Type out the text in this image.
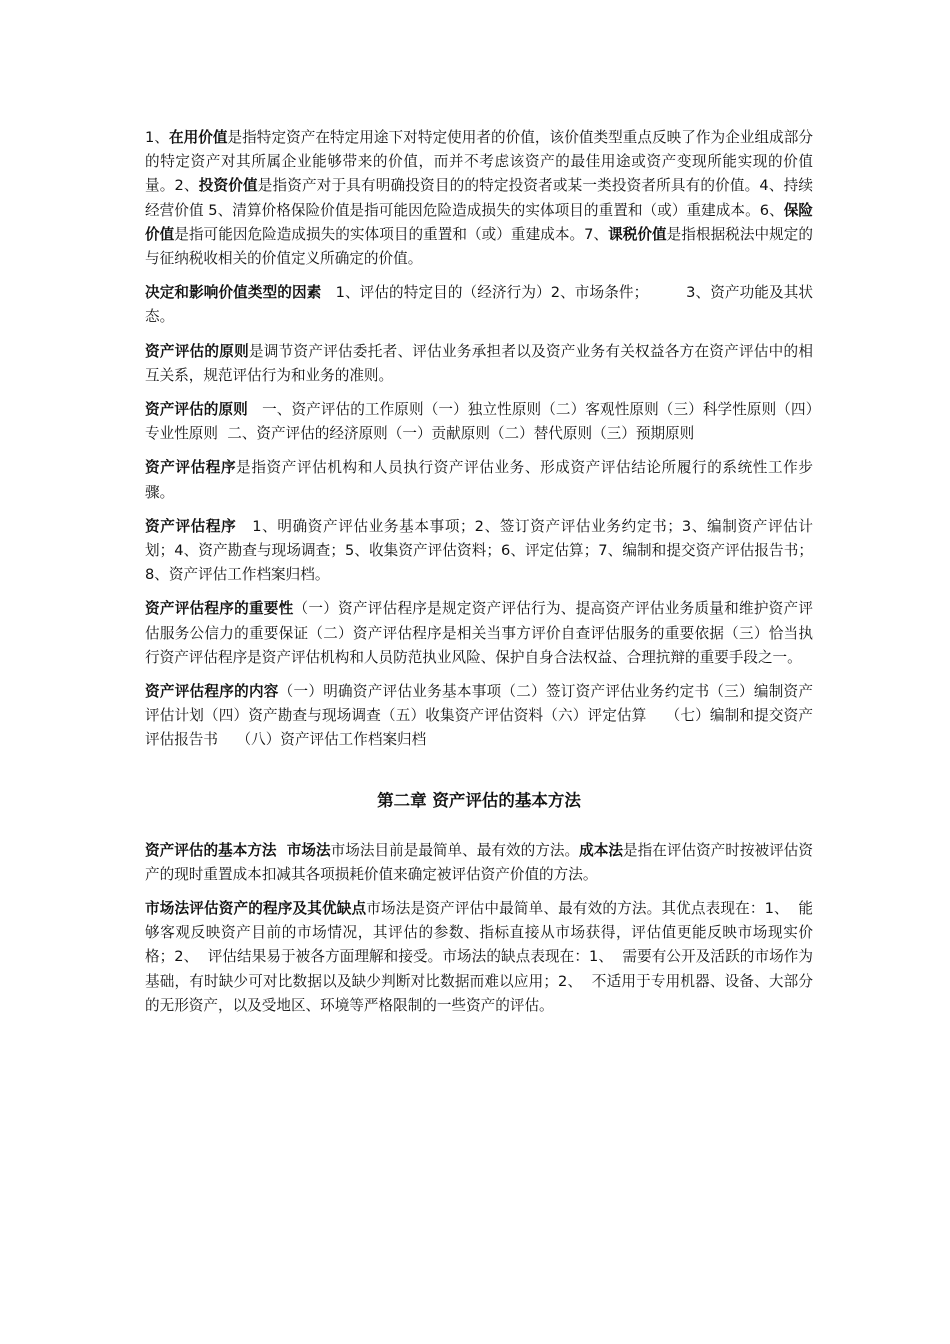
1、在用价值是指特定资产在特定用途下对特定使用者的价值，该价值类型重点反映了作为企业组成部分的特定资产对其所属企业能够带来的价值，而并不考虑该资产的最佳用途或资产变现所能实现的价值量。2、投资价值是指资产对于具有明确投资目的的特定投资者或某一类投资者所具有的价值。4、持续经营价值 5、清算价格保险价值是指可能因危险造成损失的实体项目的重置和（或）重建成本。6、保险价值是指可能因危险造成损失的实体项目的重置和（或）重建成本。7、课税价值是指根据税法中规定的与征纳税收相关的价值定义所确定的价值。

决定和影响价值类型的因素   1、评估的特定目的（经济行为）2、市场条件；        3、资产功能及其状态。

资产评估的原则是调节资产评估委托者、评估业务承担者以及资产业务有关权益各方在资产评估中的相互关系，规范评估行为和业务的准则。

资产评估的原则   一、资产评估的工作原则（一）独立性原则（二）客观性原则（三）科学性原则（四）专业性原则  二、资产评估的经济原则（一）贡献原则（二）替代原则（三）预期原则

资产评估程序是指资产评估机构和人员执行资产评估业务、形成资产评估结论所履行的系统性工作步骤。

资产评估程序   1、明确资产评估业务基本事项；2、签订资产评估业务约定书；3、编制资产评估计划；4、资产勘查与现场调查；5、收集资产评估资料；6、评定估算；7、编制和提交资产评估报告书；8、资产评估工作档案归档。

资产评估程序的重要性（一）资产评估程序是规定资产评估行为、提高资产评估业务质量和维护资产评估服务公信力的重要保证（二）资产评估程序是相关当事方评价自查评估服务的重要依据（三）恰当执行资产评估程序是资产评估机构和人员防范执业风险、保护自身合法权益、合理抗辩的重要手段之一。

资产评估程序的内容（一）明确资产评估业务基本事项（二）签订资产评估业务约定书（三）编制资产评估计划（四）资产勘查与现场调查（五）收集资产评估资料（六）评定估算    （七）编制和提交资产评估报告书    （八）资产评估工作档案归档

第二章 资产评估的基本方法

资产评估的基本方法  市场法市场法目前是最简单、最有效的方法。成本法是指在评估资产时按被评估资产的现时重置成本扣减其各项损耗价值来确定被评估资产价值的方法。

市场法评估资产的程序及其优缺点市场法是资产评估中最简单、最有效的方法。其优点表现在：1、  能够客观反映资产目前的市场情况，其评估的参数、指标直接从市场获得，评估值更能反映市场现实价格；2、  评估结果易于被各方面理解和接受。市场法的缺点表现在：1、  需要有公开及活跃的市场作为基础，有时缺少可对比数据以及缺少判断对比数据而难以应用；2、  不适用于专用机器、设备、大部分的无形资产，以及受地区、环境等严格限制的一些资产的评估。
